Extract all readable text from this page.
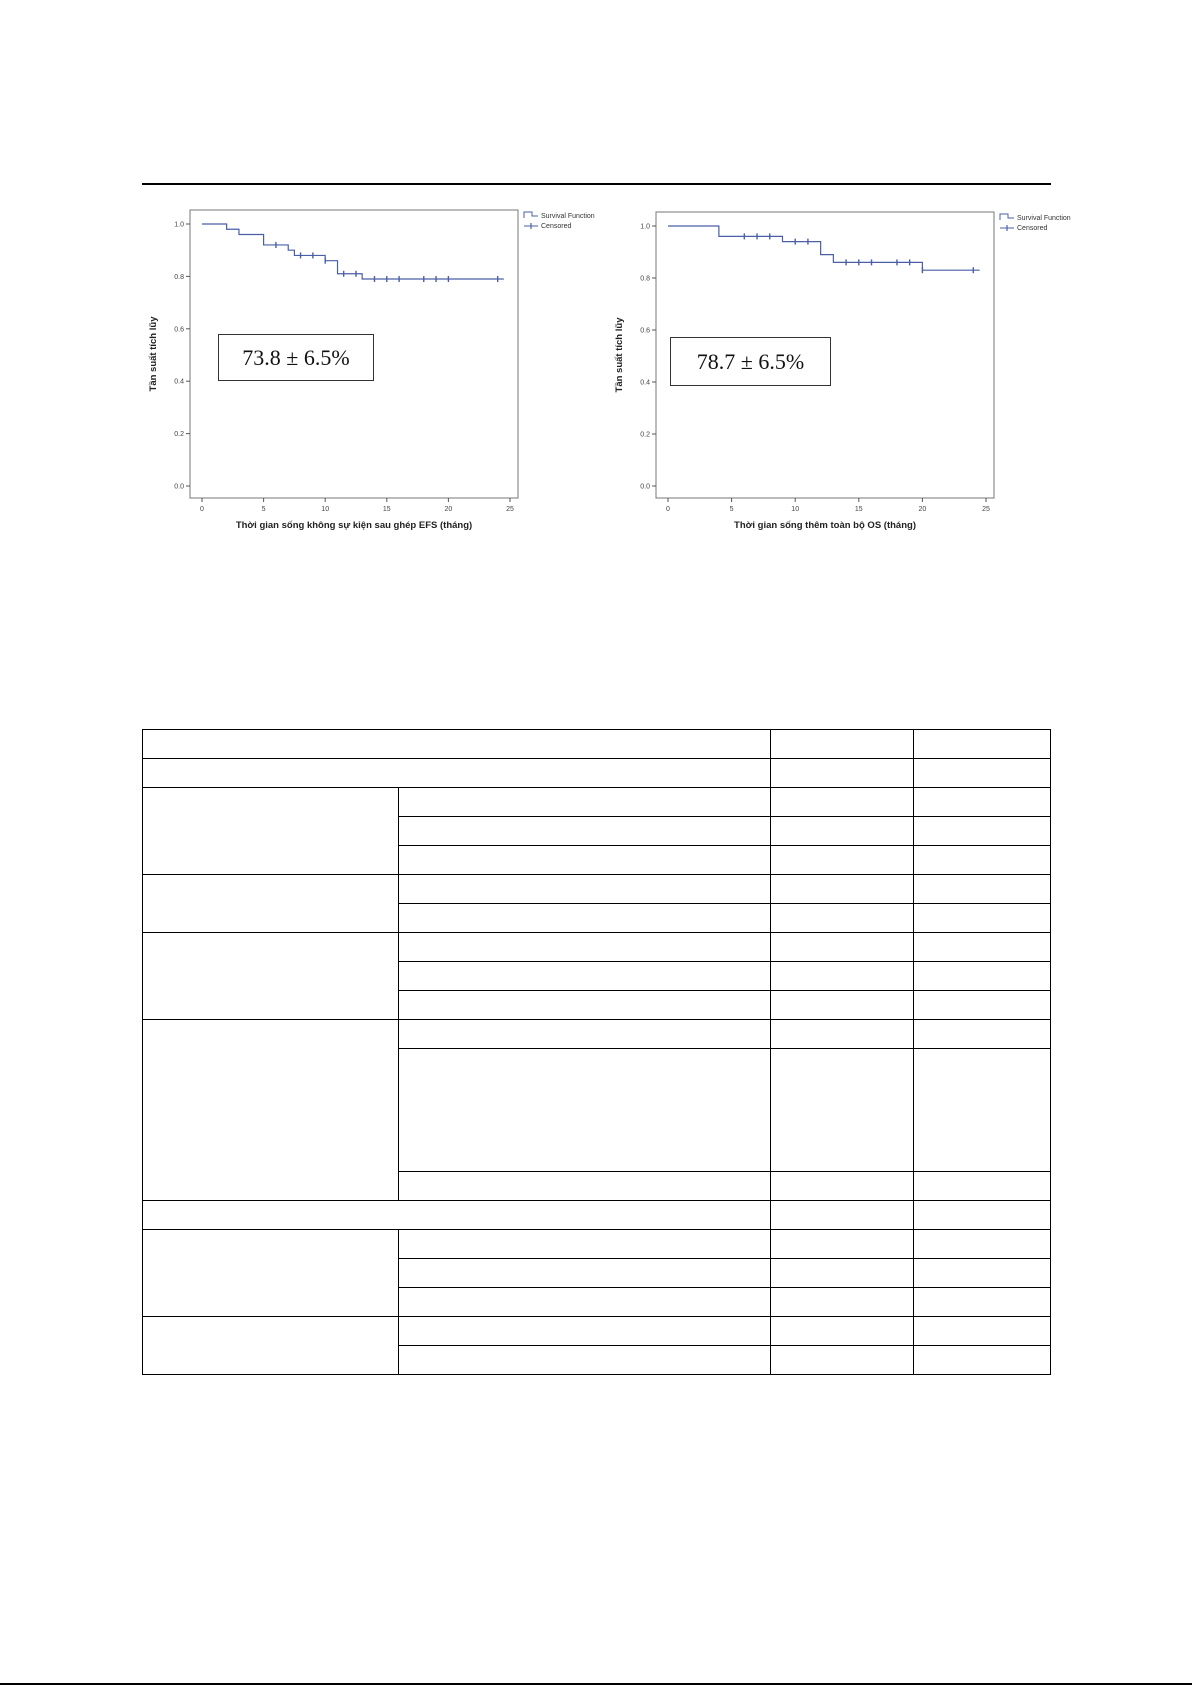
0	5	10	15	20	25
0.0
0.2
0.4
0.6
0.8
1.0
Thời gian sống không sự kiện sau ghép EFS (tháng)
Tần suất tích lũy
Survival Function
Censored
73.8 ± 6.5%
0	5	10	15	20	25
0.0
0.2
0.4
0.6
0.8
1.0
Thời gian sống thêm toàn bộ OS (tháng)
Tần suất tích lũy
Survival Function
Censored
78.7 ± 6.5%
